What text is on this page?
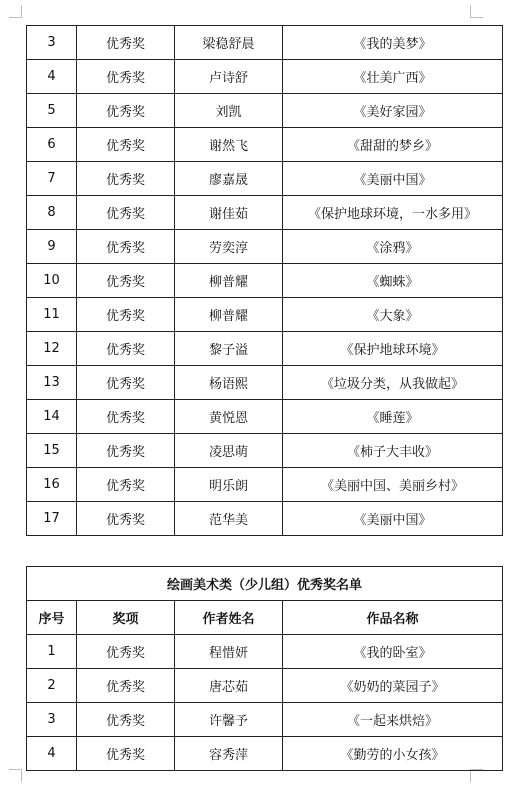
3	优秀奖	梁稳舒晨	《我的美梦》
4	优秀奖	卢诗舒	《壮美广西》
5	优秀奖	刘凯	《美好家园》
6	优秀奖	谢然飞	《甜甜的梦乡》
7	优秀奖	廖嘉晟	《美丽中国》
8	优秀奖	谢佳茹	《保护地球环境，一水多用》
9	优秀奖	劳奕淳	《涂鸦》
10	优秀奖	柳普耀	《蜘蛛》
11	优秀奖	柳普耀	《大象》
12	优秀奖	黎子溢	《保护地球环境》
13	优秀奖	杨语熙	《垃圾分类，从我做起》
14	优秀奖	黄悦恩	《睡莲》
15	优秀奖	凌思萌	《柿子大丰收》
16	优秀奖	明乐朗	《美丽中国、美丽乡村》
17	优秀奖	范华美	《美丽中国》
绘画美术类（少儿组）优秀奖名单			
序号	奖项	作者姓名	作品名称
1	优秀奖	程惜妍	《我的卧室》
2	优秀奖	唐芯茹	《奶奶的菜园子》
3	优秀奖	许馨予	《一起来烘焙》
4	优秀奖	容秀萍	《勤劳的小女孩》
